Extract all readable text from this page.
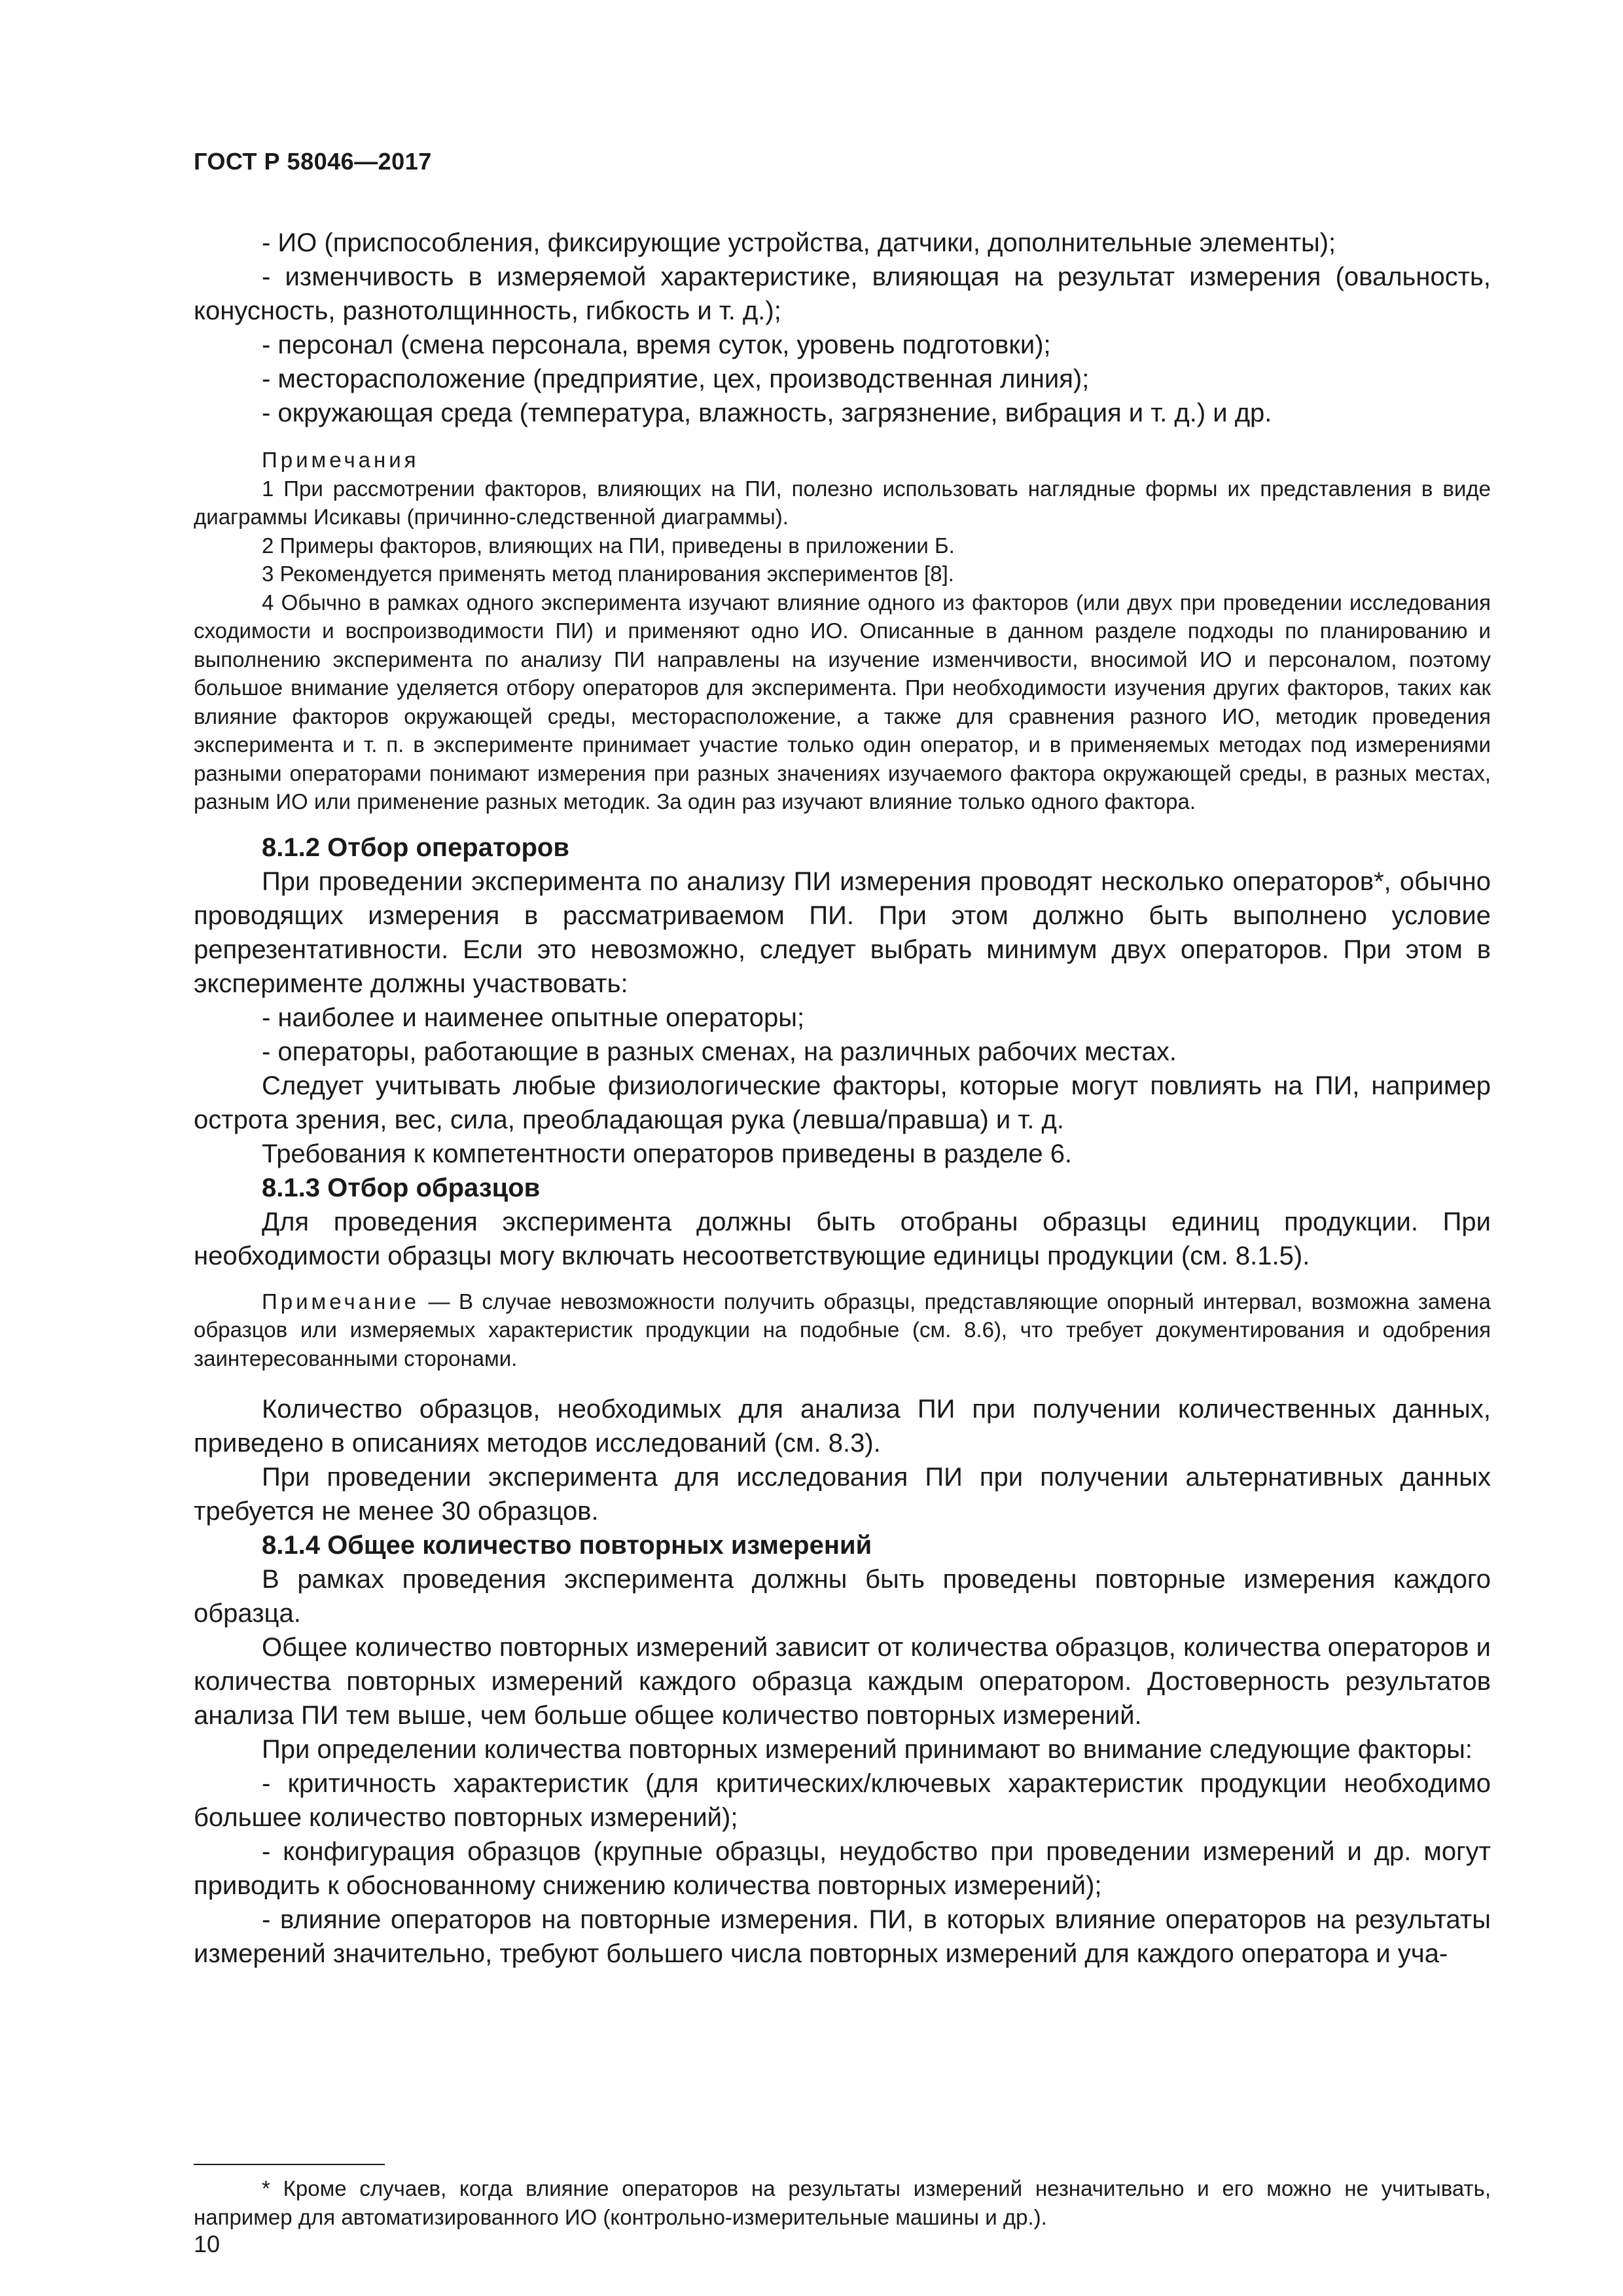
ГОСТ Р 58046—2017

- ИО (приспособления, фиксирующие устройства, датчики, дополнительные элементы);

- изменчивость в измеряемой характеристике, влияющая на результат измерения (овальность, конусность, разнотолщинность, гибкость и т. д.);

- персонал (смена персонала, время суток, уровень подготовки);

- месторасположение (предприятие, цех, производственная линия);

- окружающая среда (температура, влажность, загрязнение, вибрация и т. д.) и др.

Примечания

1 При рассмотрении факторов, влияющих на ПИ, полезно использовать наглядные формы их представления в виде диаграммы Исикавы (причинно-следственной диаграммы).

2 Примеры факторов, влияющих на ПИ, приведены в приложении Б.

3 Рекомендуется применять метод планирования экспериментов [8].

4 Обычно в рамках одного эксперимента изучают влияние одного из факторов (или двух при проведении исследования сходимости и воспроизводимости ПИ) и применяют одно ИО. Описанные в данном разделе подходы по планированию и выполнению эксперимента по анализу ПИ направлены на изучение изменчивости, вносимой ИО и персоналом, поэтому большое внимание уделяется отбору операторов для эксперимента. При необходимости изучения других факторов, таких как влияние факторов окружающей среды, месторасположение, а также для сравнения разного ИО, методик проведения эксперимента и т. п. в эксперименте принимает участие только один оператор, и в применяемых методах под измерениями разными операторами понимают измерения при разных значениях изучаемого фактора окружающей среды, в разных местах, разным ИО или применение разных методик. За один раз изучают влияние только одного фактора.

8.1.2 Отбор операторов

При проведении эксперимента по анализу ПИ измерения проводят несколько операторов*, обычно проводящих измерения в рассматриваемом ПИ. При этом должно быть выполнено условие репрезентативности. Если это невозможно, следует выбрать минимум двух операторов. При этом в эксперименте должны участвовать:

- наиболее и наименее опытные операторы;

- операторы, работающие в разных сменах, на различных рабочих местах.

Следует учитывать любые физиологические факторы, которые могут повлиять на ПИ, например острота зрения, вес, сила, преобладающая рука (левша/правша) и т. д.

Требования к компетентности операторов приведены в разделе 6.

8.1.3 Отбор образцов

Для проведения эксперимента должны быть отобраны образцы единиц продукции. При необходимости образцы могу включать несоответствующие единицы продукции (см. 8.1.5).

Примечание — В случае невозможности получить образцы, представляющие опорный интервал, возможна замена образцов или измеряемых характеристик продукции на подобные (см. 8.6), что требует документирования и одобрения заинтересованными сторонами.

Количество образцов, необходимых для анализа ПИ при получении количественных данных, приведено в описаниях методов исследований (см. 8.3).

При проведении эксперимента для исследования ПИ при получении альтернативных данных требуется не менее 30 образцов.

8.1.4 Общее количество повторных измерений

В рамках проведения эксперимента должны быть проведены повторные измерения каждого образца.

Общее количество повторных измерений зависит от количества образцов, количества операторов и количества повторных измерений каждого образца каждым оператором. Достоверность результатов анализа ПИ тем выше, чем больше общее количество повторных измерений.

При определении количества повторных измерений принимают во внимание следующие факторы:

- критичность характеристик (для критических/ключевых характеристик продукции необходимо большее количество повторных измерений);

- конфигурация образцов (крупные образцы, неудобство при проведении измерений и др. могут приводить к обоснованному снижению количества повторных измерений);

- влияние операторов на повторные измерения. ПИ, в которых влияние операторов на результаты измерений значительно, требуют большего числа повторных измерений для каждого оператора и уча-

* Кроме случаев, когда влияние операторов на результаты измерений незначительно и его можно не учитывать, например для автоматизированного ИО (контрольно-измерительные машины и др.).

10
